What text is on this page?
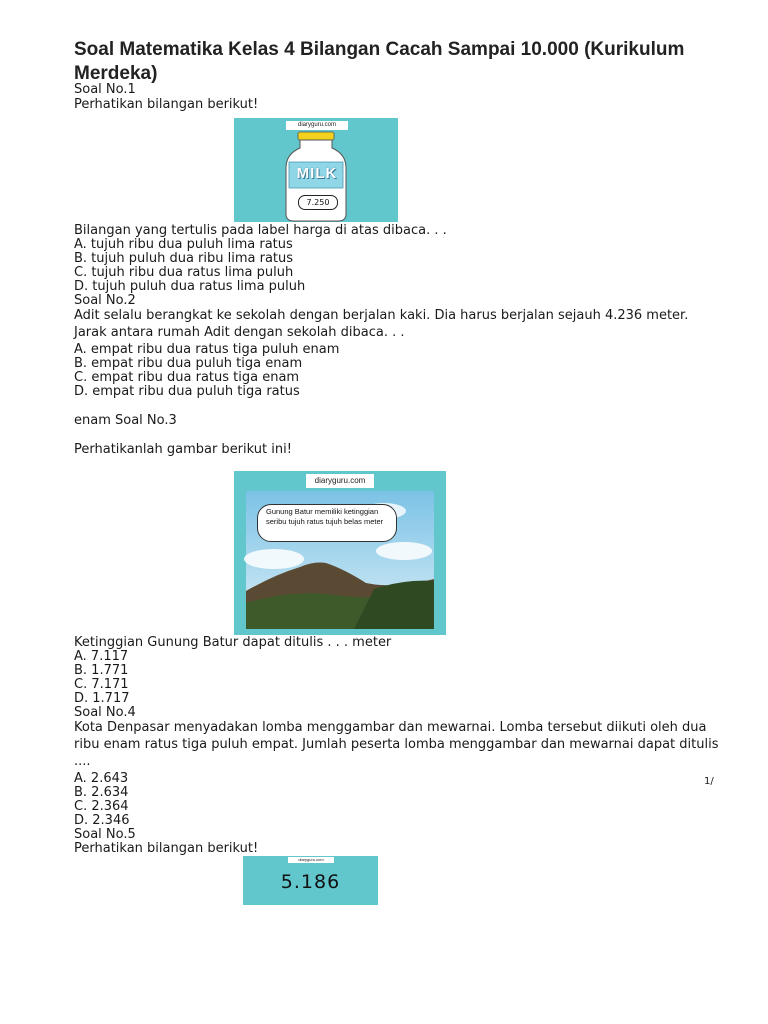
Soal Matematika Kelas 4 Bilangan Cacah Sampai 10.000 (Kurikulum Merdeka)
Soal No.1
Perhatikan bilangan berikut!
diaryguru.com
MILK
7.250
Bilangan yang tertulis pada label harga di atas dibaca. . .
A. tujuh ribu dua puluh lima ratus
B. tujuh puluh dua ribu lima ratus
C. tujuh ribu dua ratus lima puluh
D. tujuh puluh dua ratus lima puluh
Soal No.2
Adit selalu berangkat ke sekolah dengan berjalan kaki. Dia harus berjalan sejauh 4.236 meter. Jarak antara rumah Adit dengan sekolah dibaca. . .
A. empat ribu dua ratus tiga puluh enam
B. empat ribu dua puluh tiga enam
C. empat ribu dua ratus tiga enam
D. empat ribu dua puluh tiga ratus
enam Soal No.3
Perhatikanlah gambar berikut ini!
diaryguru.com
Gunung Batur memiliki ketinggian seribu tujuh ratus tujuh belas meter
Ketinggian Gunung Batur dapat ditulis . . . meter
A. 7.117
B. 1.771
C. 7.171
D. 1.717
Soal No.4
Kota Denpasar menyadakan lomba menggambar dan mewarnai. Lomba tersebut diikuti oleh dua ribu enam ratus tiga puluh empat. Jumlah peserta lomba menggambar dan mewarnai dapat ditulis ....
A. 2.643
B. 2.634
C. 2.364
D. 2.346
1/
Soal No.5
Perhatikan bilangan berikut!
diaryguru.com
5.186
